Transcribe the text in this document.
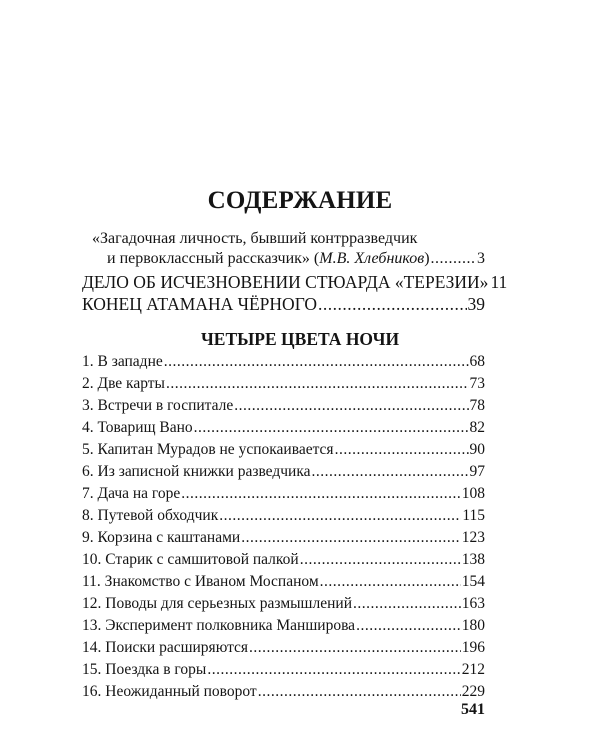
СОДЕРЖАНИЕ
«Загадочная личность, бывший контрразведчик
и первоклассный рассказчик» (М.В. Хлебников) .....	3
ДЕЛО ОБ ИСЧЕЗНОВЕНИИ СТЮАРДА «ТЕРЕЗИИ» 11
КОНЕЦ АТАМАНА ЧЁРНОГО .....	39
ЧЕТЫРЕ ЦВЕТА НОЧИ
1. В западне .....	68
2. Две карты .....	73
3. Встречи в госпитале .....	78
4. Товарищ Вано .....	82
5. Капитан Мурадов не успокаивается .....	90
6. Из записной книжки разведчика .....	97
7. Дача на горе .....	108
8. Путевой обходчик .....	115
9. Корзина с каштанами .....	123
10. Старик с самшитовой палкой .....	138
11. Знакомство с Иваном Моспаном .....	154
12. Поводы для серьезных размышлений .....	163
13. Эксперимент полковника Манширова .....	180
14. Поиски расширяются .....	196
15. Поездка в горы .....	212
16. Неожиданный поворот .....	229
541
